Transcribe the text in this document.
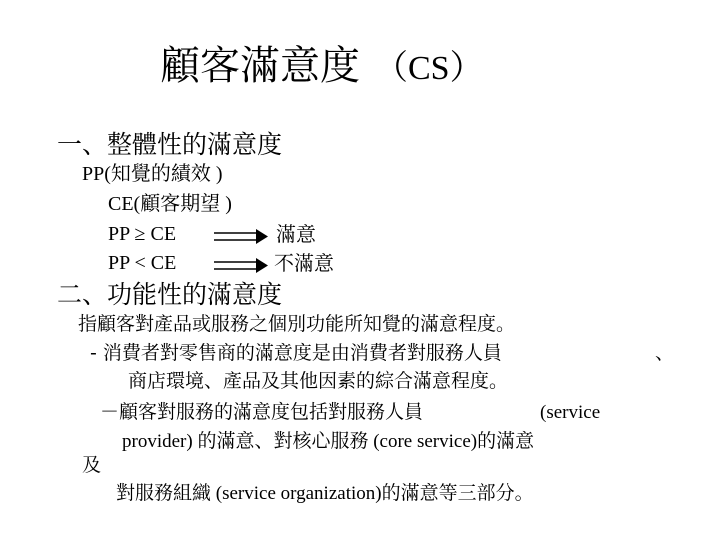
顧客滿意度 （CS）
一、整體性的滿意度
PP(知覺的績效 )
CE(顧客期望 )
PP ≥ CE	滿意
PP < CE	不滿意
二、功能性的滿意度
指顧客對產品或服務之個別功能所知覺的滿意程度。
- 消費者對零售商的滿意度是由消費者對服務人員	、
商店環境、產品及其他因素的綜合滿意程度。
－顧客對服務的滿意度包括對服務人員	(service
provider) 的滿意、對核心服務 (core service)的滿意
及
對服務組織 (service organization)的滿意等三部分。
